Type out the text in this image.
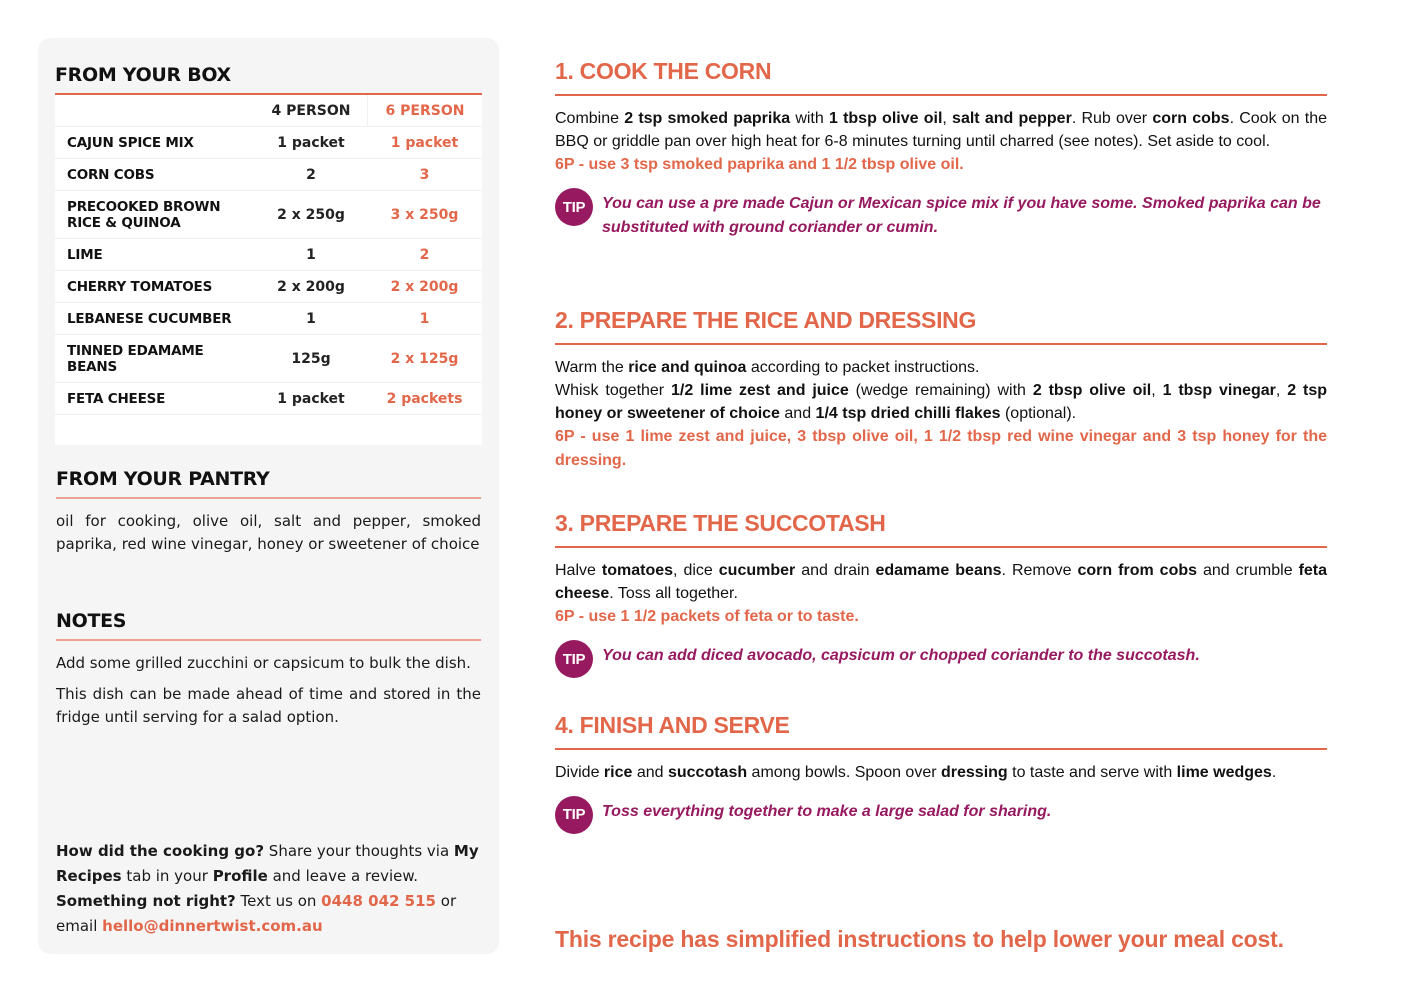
FROM YOUR BOX
4 PERSON	6 PERSON
CAJUN SPICE MIX	1 packet	1 packet
CORN COBS	2	3
PRECOOKED BROWN RICE & QUINOA	2 x 250g	3 x 250g
LIME	1	2
CHERRY TOMATOES	2 x 200g	2 x 200g
LEBANESE CUCUMBER	1	1
TINNED EDAMAME BEANS	125g	2 x 125g
FETA CHEESE	1 packet	2 packets
FROM YOUR PANTRY
oil for cooking, olive oil, salt and pepper, smoked paprika, red wine vinegar, honey or sweetener of choice
NOTES

Add some grilled zucchini or capsicum to bulk the dish.

This dish can be made ahead of time and stored in the fridge until serving for a salad option.

How did the cooking go? Share your thoughts via My Recipes tab in your Profile and leave a review.
Something not right? Text us on 0448 042 515 or email hello@dinnertwist.com.au
1. COOK THE CORN
Combine 2 tsp smoked paprika with 1 tbsp olive oil, salt and pepper. Rub over corn cobs. Cook on the BBQ or griddle pan over high heat for 6-8 minutes turning until charred (see notes). Set aside to cool.
6P - use 3 tsp smoked paprika and 1 1/2 tbsp olive oil.
TIP	You can use a pre made Cajun or Mexican spice mix if you have some. Smoked paprika can be substituted with ground coriander or cumin.
2. PREPARE THE RICE AND DRESSING
Warm the rice and quinoa according to packet instructions.
Whisk together 1/2 lime zest and juice (wedge remaining) with 2 tbsp olive oil, 1 tbsp vinegar, 2 tsp honey or sweetener of choice and 1/4 tsp dried chilli flakes (optional).
6P - use 1 lime zest and juice, 3 tbsp olive oil, 1 1/2 tbsp red wine vinegar and 3 tsp honey for the dressing.
3. PREPARE THE SUCCOTASH
Halve tomatoes, dice cucumber and drain edamame beans. Remove corn from cobs and crumble feta cheese. Toss all together.
6P - use 1 1/2 packets of feta or to taste.
TIP	You can add diced avocado, capsicum or chopped coriander to the succotash.
4. FINISH AND SERVE
Divide rice and succotash among bowls. Spoon over dressing to taste and serve with lime wedges.
TIP	Toss everything together to make a large salad for sharing.
This recipe has simplified instructions to help lower your meal cost.
